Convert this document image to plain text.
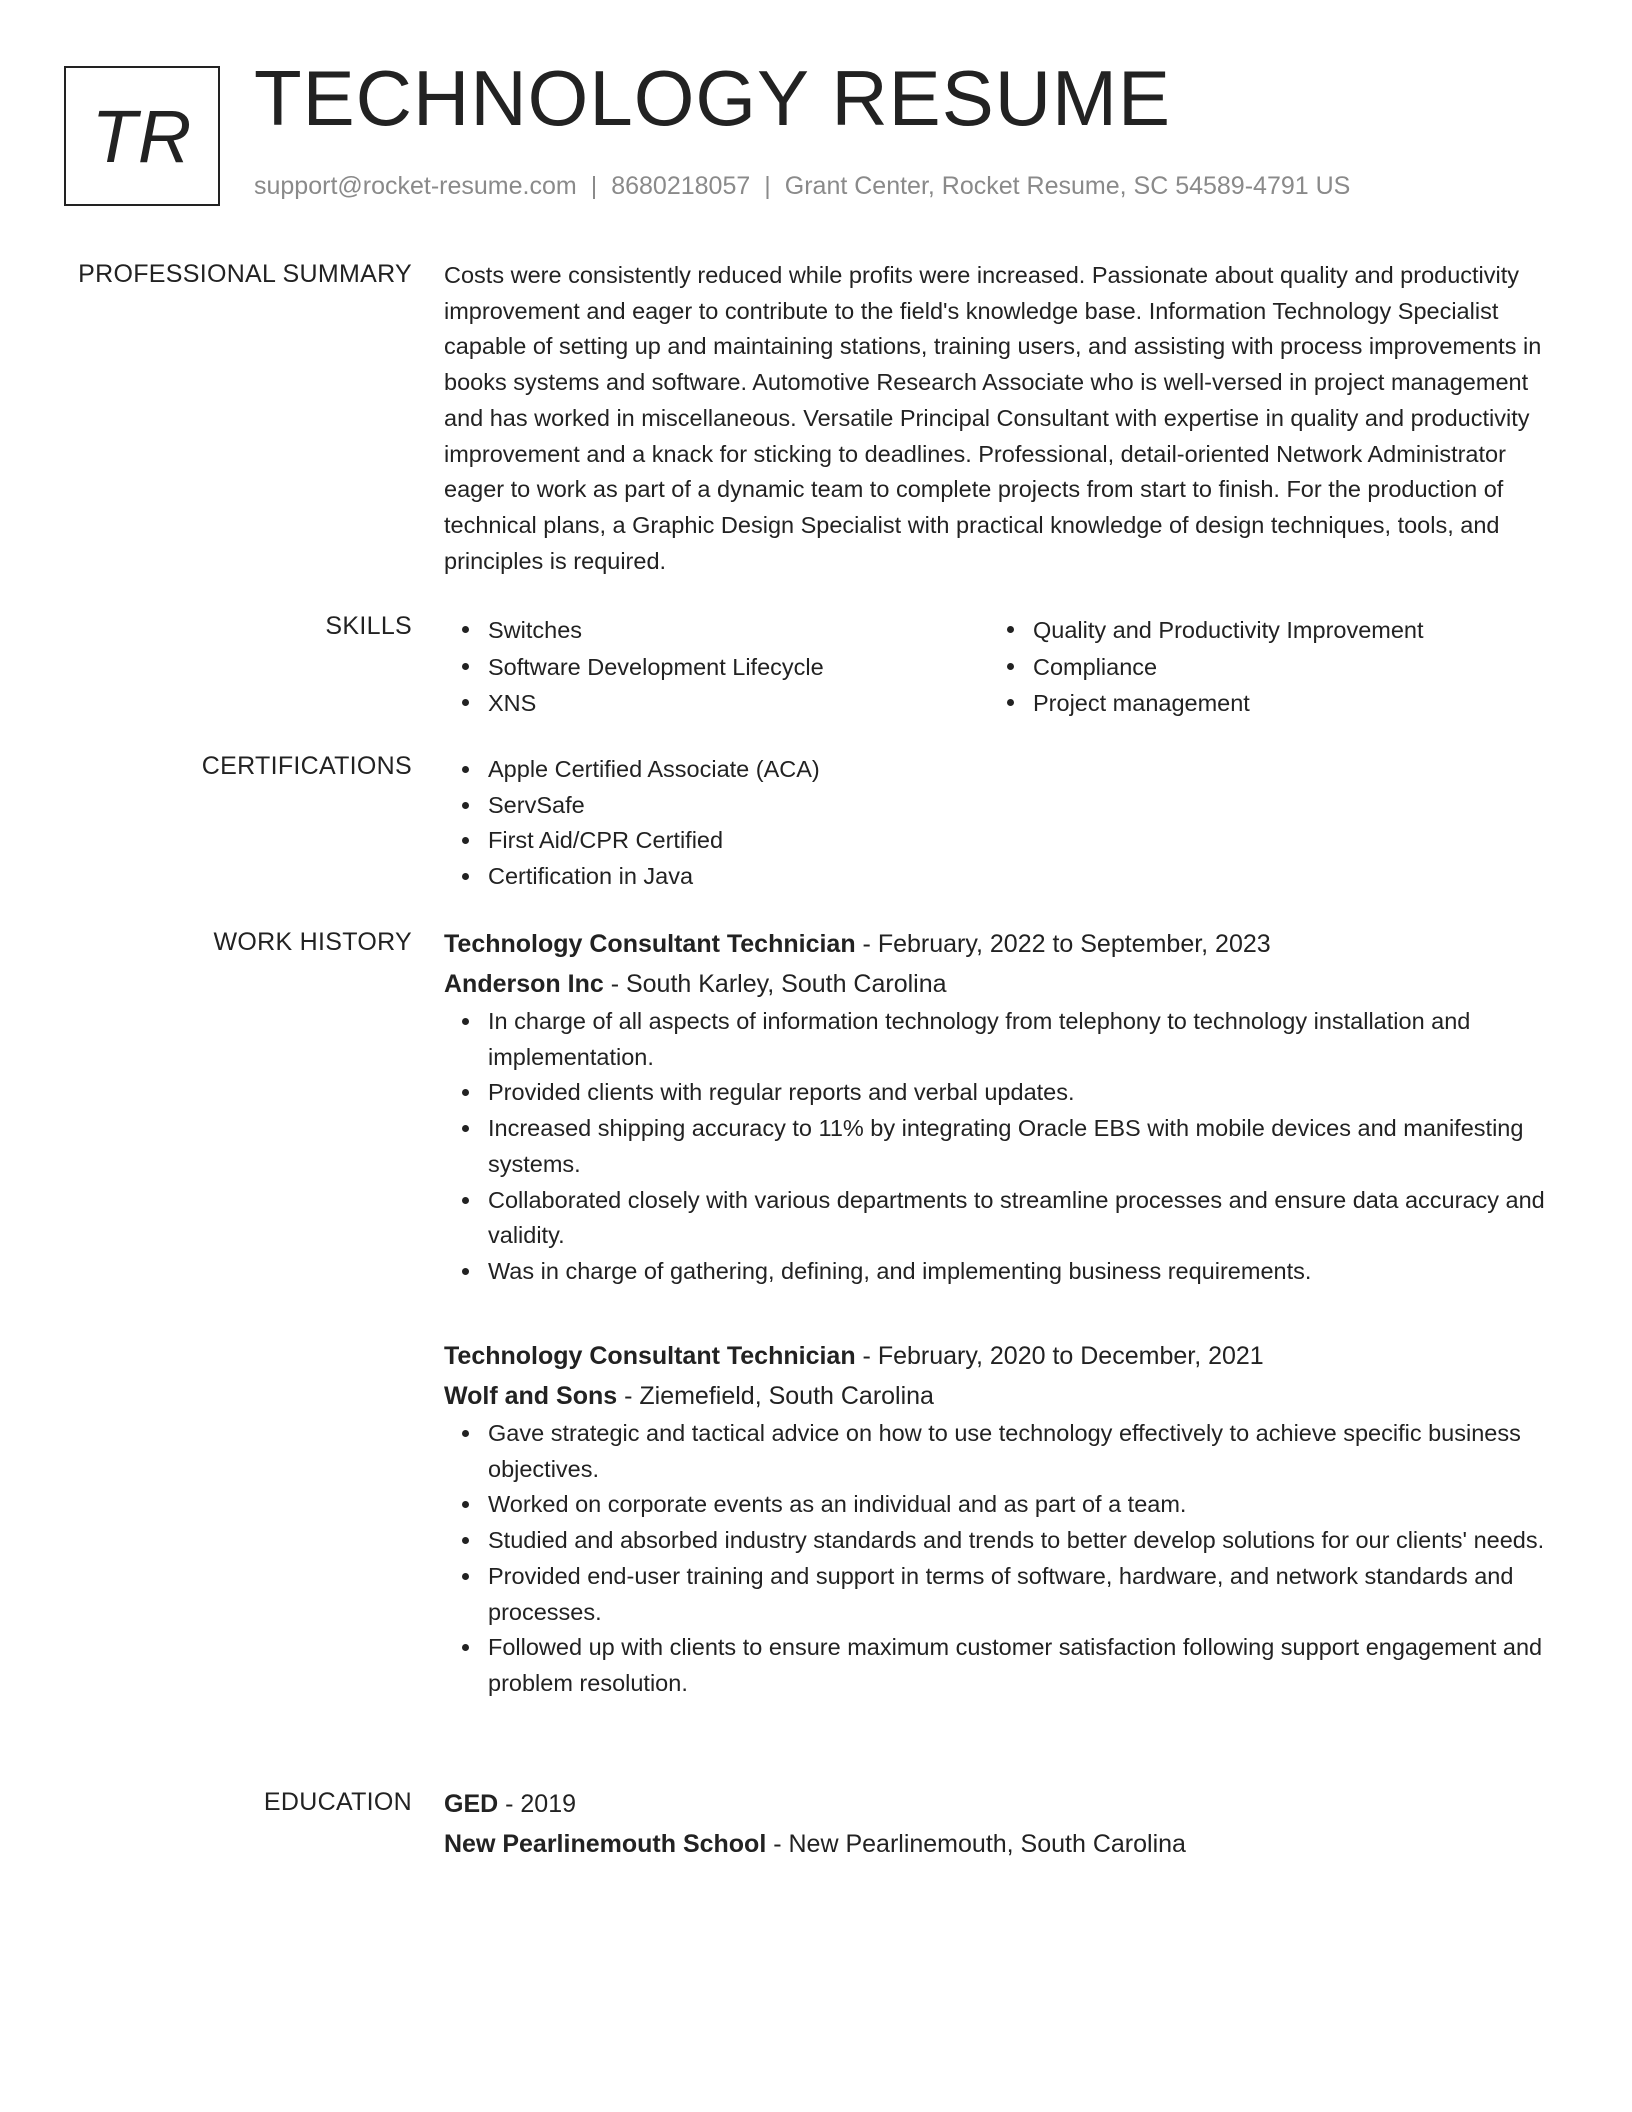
TR TECHNOLOGY RESUME
support@rocket-resume.com | 8680218057 | Grant Center, Rocket Resume, SC 54589-4791 US
PROFESSIONAL SUMMARY Costs were consistently reduced while profits were increased. Passionate about quality and productivity improvement and eager to contribute to the field's knowledge base. Information Technology Specialist capable of setting up and maintaining stations, training users, and assisting with process improvements in books systems and software. Automotive Research Associate who is well-versed in project management and has worked in miscellaneous. Versatile Principal Consultant with expertise in quality and productivity improvement and a knack for sticking to deadlines. Professional, detail-oriented Network Administrator eager to work as part of a dynamic team to complete projects from start to finish. For the production of technical plans, a Graphic Design Specialist with practical knowledge of design techniques, tools, and principles is required.

SKILLS	Switches
Software Development Lifecycle
XNS
Quality and Productivity Improvement
Compliance
Project management
CERTIFICATIONS	Apple Certified Associate (ACA)
ServSafe
First Aid/CPR Certified
Certification in Java
WORK HISTORY Technology Consultant Technician - February, 2022 to September, 2023
Anderson Inc - South Karley, South Carolina
In charge of all aspects of information technology from telephony to technology installation and implementation.
Provided clients with regular reports and verbal updates.
Increased shipping accuracy to 11% by integrating Oracle EBS with mobile devices and manifesting systems.
Collaborated closely with various departments to streamline processes and ensure data accuracy and validity.
Was in charge of gathering, defining, and implementing business requirements.
Technology Consultant Technician - February, 2020 to December, 2021
Wolf and Sons - Ziemefield, South Carolina
Gave strategic and tactical advice on how to use technology effectively to achieve specific business objectives.
Worked on corporate events as an individual and as part of a team.
Studied and absorbed industry standards and trends to better develop solutions for our clients' needs.
Provided end-user training and support in terms of software, hardware, and network standards and processes.
Followed up with clients to ensure maximum customer satisfaction following support engagement and problem resolution.
EDUCATION GED - 2019
New Pearlinemouth School - New Pearlinemouth, South Carolina
